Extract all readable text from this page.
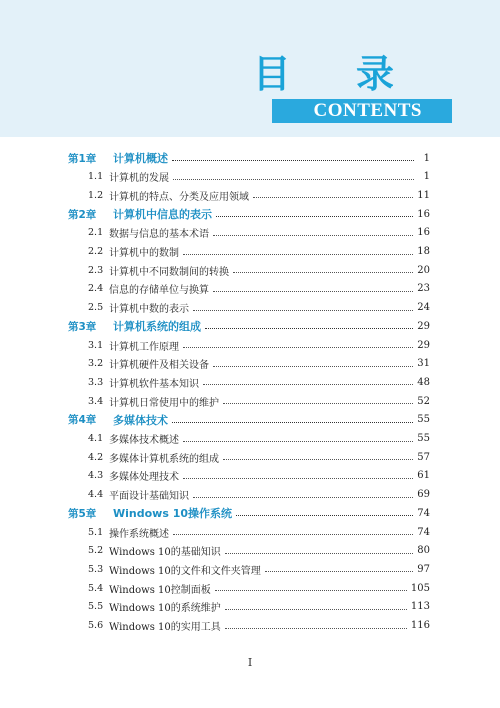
目 录
CONTENTS
第1章	计算机概述	1
1.1 计算机的发展	1
1.2 计算机的特点、分类及应用领域	11
第2章	计算机中信息的表示	16
2.1 数据与信息的基本术语	16
2.2 计算机中的数制	18
2.3 计算机中不同数制间的转换	20
2.4 信息的存储单位与换算	23
2.5 计算机中数的表示	24
第3章	计算机系统的组成	29
3.1 计算机工作原理	29
3.2 计算机硬件及相关设备	31
3.3 计算机软件基本知识	48
3.4 计算机日常使用中的维护	52
第4章	多媒体技术	55
4.1 多媒体技术概述	55
4.2 多媒体计算机系统的组成	57
4.3 多媒体处理技术	61
4.4 平面设计基础知识	69
第5章	Windows 10操作系统	74
5.1 操作系统概述	74
5.2 Windows 10的基础知识	80
5.3 Windows 10的文件和文件夹管理	97
5.4 Windows 10控制面板	105
5.5 Windows 10的系统维护	113
5.6 Windows 10的实用工具	116
I
